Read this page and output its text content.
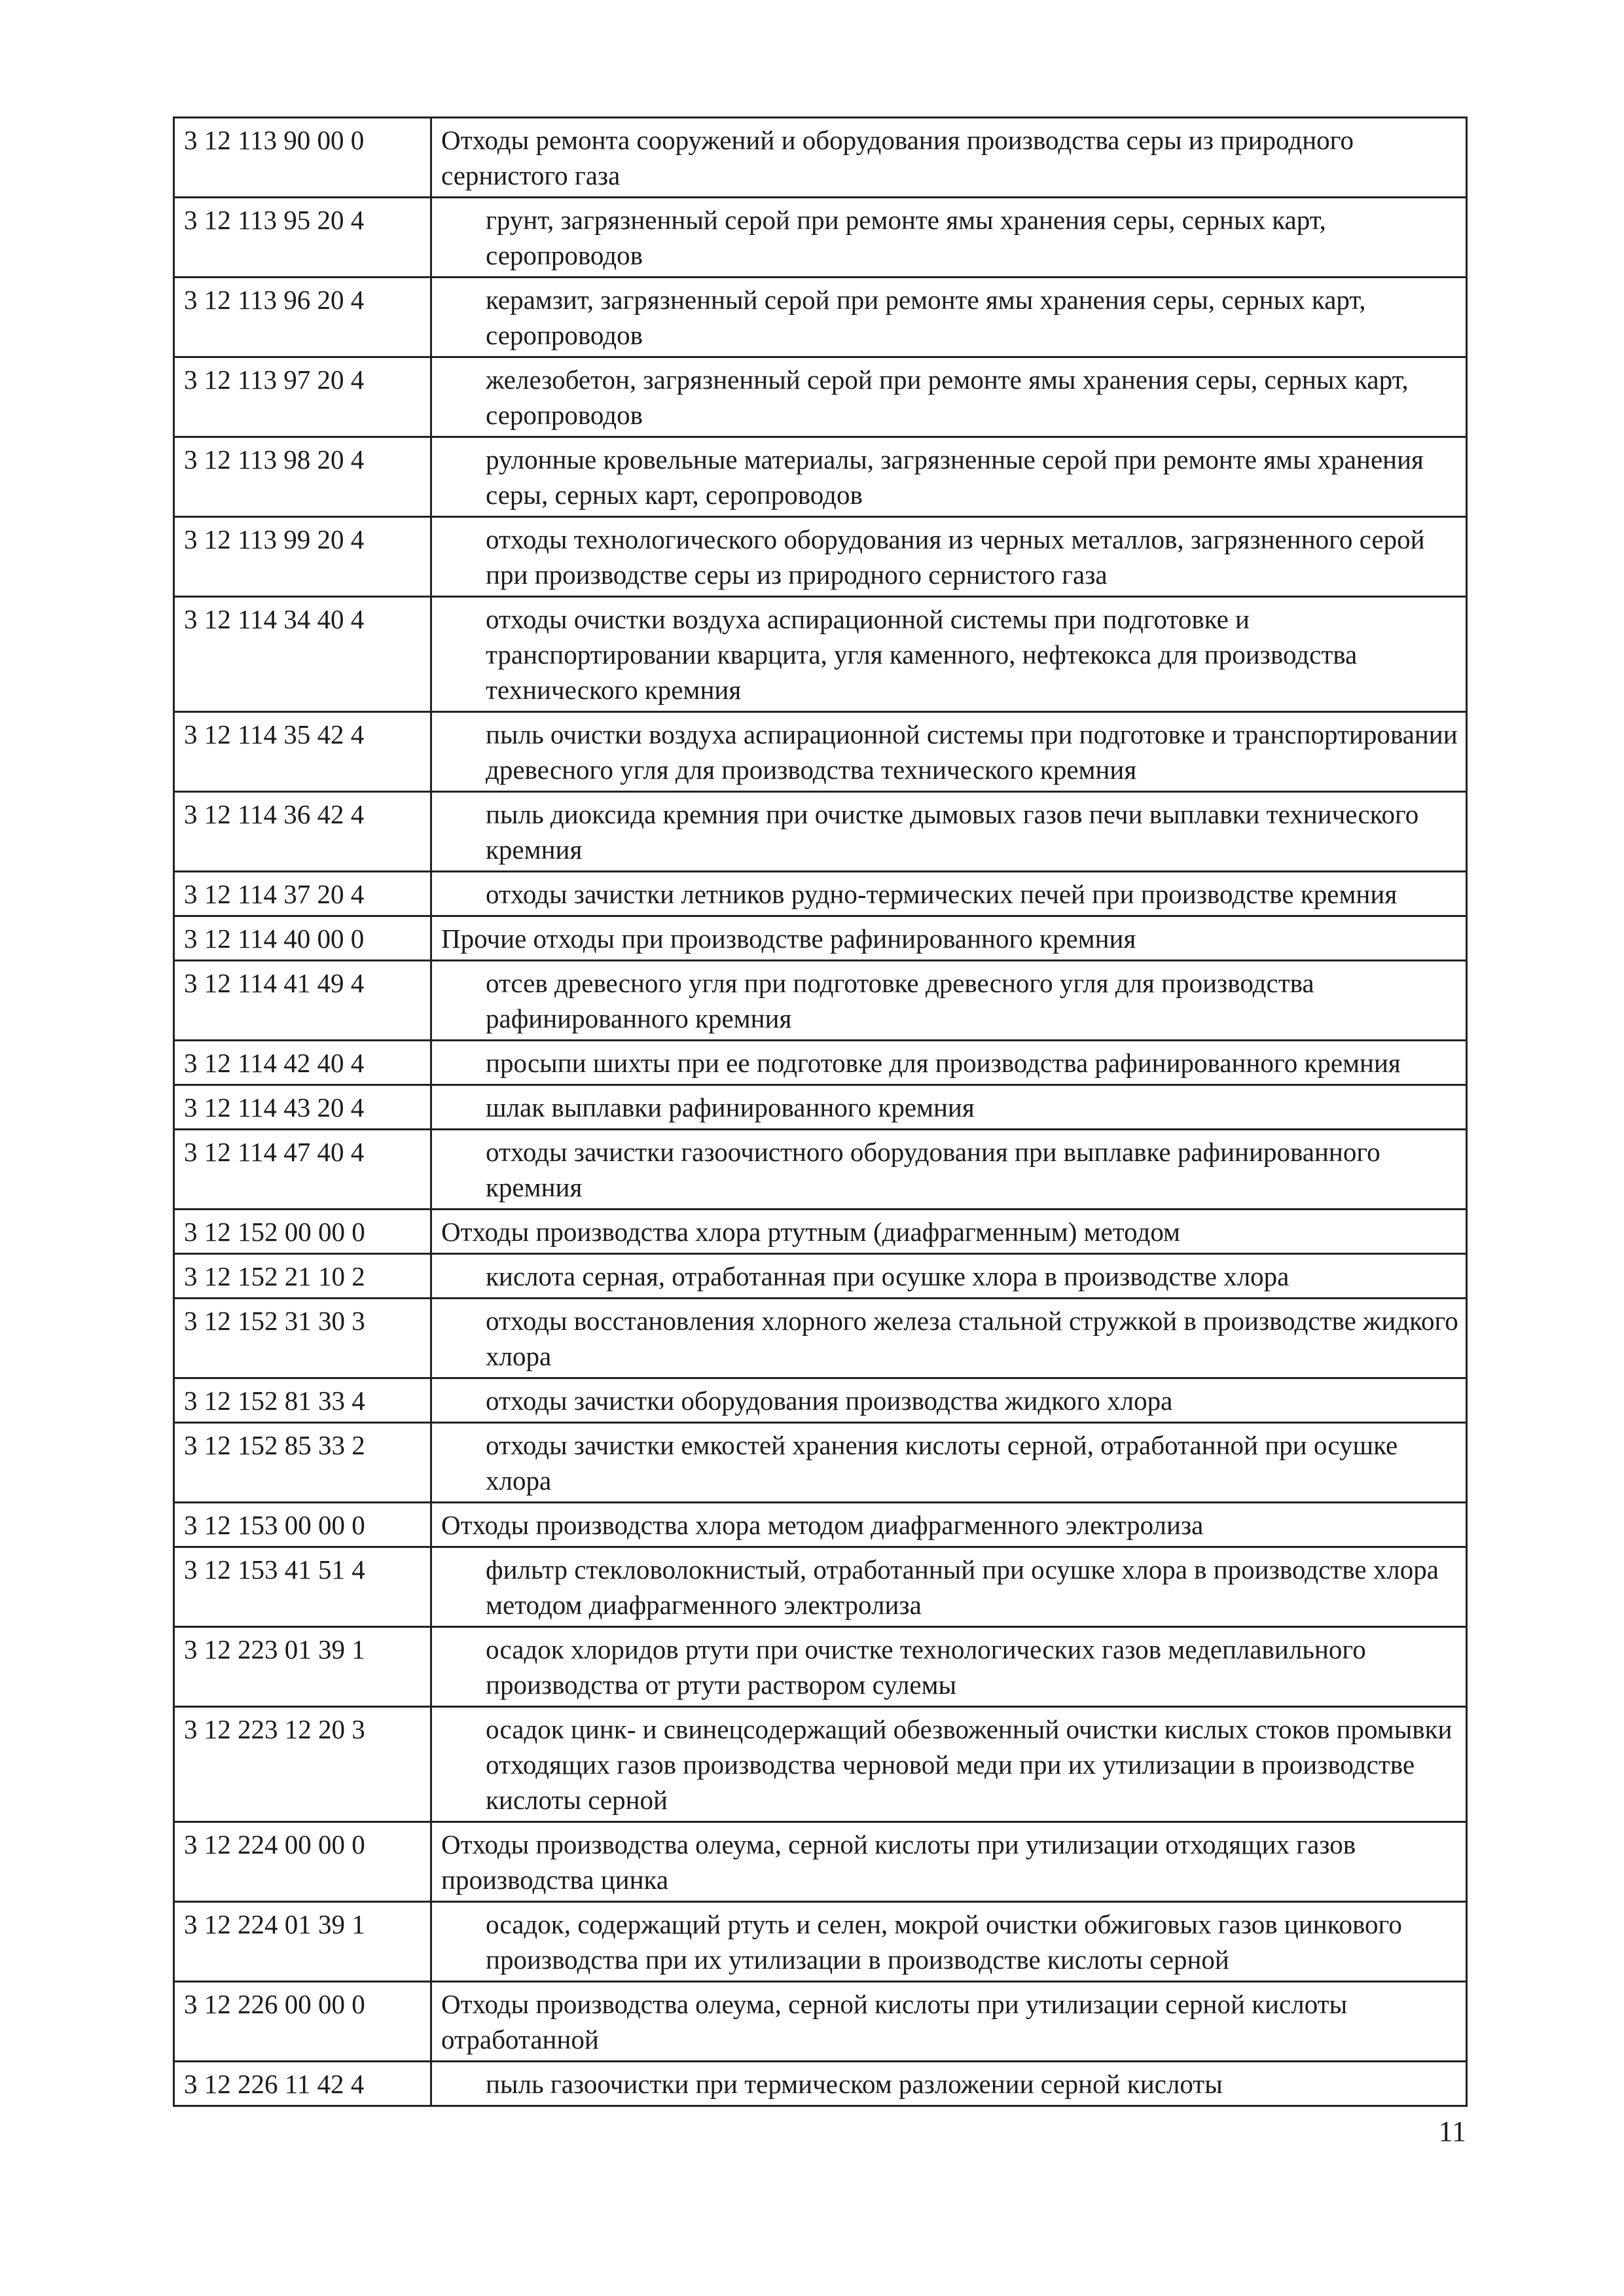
3 12 113 90 00 0	Отходы ремонта сооружений и оборудования производства серы из природного сернистого газа
3 12 113 95 20 4	грунт, загрязненный серой при ремонте ямы хранения серы, серных карт, серопроводов
3 12 113 96 20 4	керамзит, загрязненный серой при ремонте ямы хранения серы, серных карт, серопроводов
3 12 113 97 20 4	железобетон, загрязненный серой при ремонте ямы хранения серы, серных карт, серопроводов
3 12 113 98 20 4	рулонные кровельные материалы, загрязненные серой при ремонте ямы хранения серы, серных карт, серопроводов
3 12 113 99 20 4	отходы технологического оборудования из черных металлов, загрязненного серой при производстве серы из природного сернистого газа
3 12 114 34 40 4	отходы очистки воздуха аспирационной системы при подготовке и транспортировании кварцита, угля каменного, нефтекокса для производства технического кремния
3 12 114 35 42 4	пыль очистки воздуха аспирационной системы при подготовке и транспортировании древесного угля для производства технического кремния
3 12 114 36 42 4	пыль диоксида кремния при очистке дымовых газов печи выплавки технического кремния
3 12 114 37 20 4	отходы зачистки летников рудно-термических печей при производстве кремния
3 12 114 40 00 0	Прочие отходы при производстве рафинированного кремния
3 12 114 41 49 4	отсев древесного угля при подготовке древесного угля для производства рафинированного кремния
3 12 114 42 40 4	просыпи шихты при ее подготовке для производства рафинированного кремния
3 12 114 43 20 4	шлак выплавки рафинированного кремния
3 12 114 47 40 4	отходы зачистки газоочистного оборудования при выплавке рафинированного кремния
3 12 152 00 00 0	Отходы производства хлора ртутным (диафрагменным) методом
3 12 152 21 10 2	кислота серная, отработанная при осушке хлора в производстве хлора
3 12 152 31 30 3	отходы восстановления хлорного железа стальной стружкой в производстве жидкого хлора
3 12 152 81 33 4	отходы зачистки оборудования производства жидкого хлора
3 12 152 85 33 2	отходы зачистки емкостей хранения кислоты серной, отработанной при осушке хлора
3 12 153 00 00 0	Отходы производства хлора методом диафрагменного электролиза
3 12 153 41 51 4	фильтр стекловолокнистый, отработанный при осушке хлора в производстве хлора методом диафрагменного электролиза
3 12 223 01 39 1	осадок хлоридов ртути при очистке технологических газов медеплавильного производства от ртути раствором сулемы
3 12 223 12 20 3	осадок цинк- и свинецсодержащий обезвоженный очистки кислых стоков промывки отходящих газов производства черновой меди при их утилизации в производстве кислоты серной
3 12 224 00 00 0	Отходы производства олеума, серной кислоты при утилизации отходящих газов производства цинка
3 12 224 01 39 1	осадок, содержащий ртуть и селен, мокрой очистки обжиговых газов цинкового производства при их утилизации в производстве кислоты серной
3 12 226 00 00 0	Отходы производства олеума, серной кислоты при утилизации серной кислоты отработанной
3 12 226 11 42 4	пыль газоочистки при термическом разложении серной кислоты
11
